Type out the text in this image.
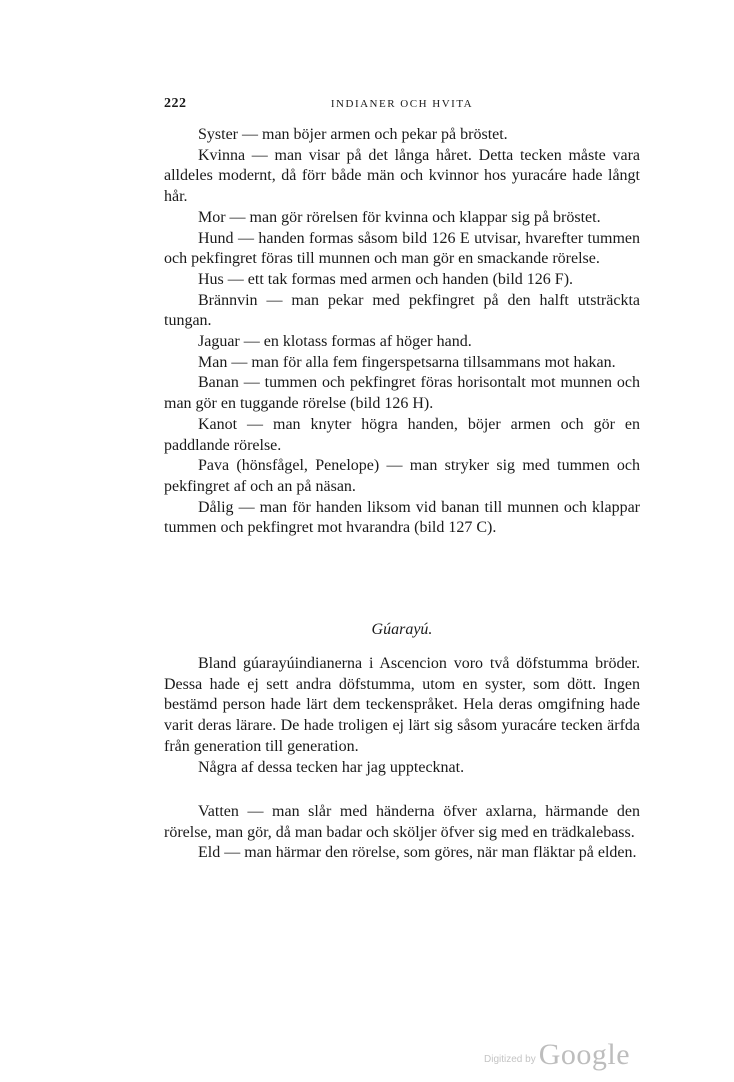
222	INDIANER OCH HVITA

Syster — man böjer armen och pekar på bröstet.

Kvinna — man visar på det långa håret. Detta tecken måste vara alldeles modernt, då förr både män och kvinnor hos yuracáre hade långt hår.

Mor — man gör rörelsen för kvinna och klappar sig på bröstet.

Hund — handen formas såsom bild 126 E utvisar, hvarefter tummen och pekfingret föras till munnen och man gör en smackande rörelse.

Hus — ett tak formas med armen och handen (bild 126 F).

Brännvin — man pekar med pekfingret på den halft utsträckta tungan.

Jaguar — en klotass formas af höger hand.

Man — man för alla fem fingerspetsarna tillsammans mot hakan.

Banan — tummen och pekfingret föras horisontalt mot munnen och man gör en tuggande rörelse (bild 126 H).

Kanot — man knyter högra handen, böjer armen och gör en paddlande rörelse.

Pava (hönsfågel, Penelope) — man stryker sig med tummen och pekfingret af och an på näsan.

Dålig — man för handen liksom vid banan till munnen och klappar tummen och pekfingret mot hvarandra (bild 127 C).

Gúarayú.

Bland gúarayúindianerna i Ascencion voro två döfstumma bröder. Dessa hade ej sett andra döfstumma, utom en syster, som dött. Ingen bestämd person hade lärt dem teckenspråket. Hela deras omgifning hade varit deras lärare. De hade troligen ej lärt sig såsom yuracáre tecken ärfda från generation till generation.

Några af dessa tecken har jag upptecknat.

Vatten — man slår med händerna öfver axlarna, härmande den rörelse, man gör, då man badar och sköljer öfver sig med en trädkalebass.

Eld — man härmar den rörelse, som göres, när man fläktar på elden.

Digitized by Google
